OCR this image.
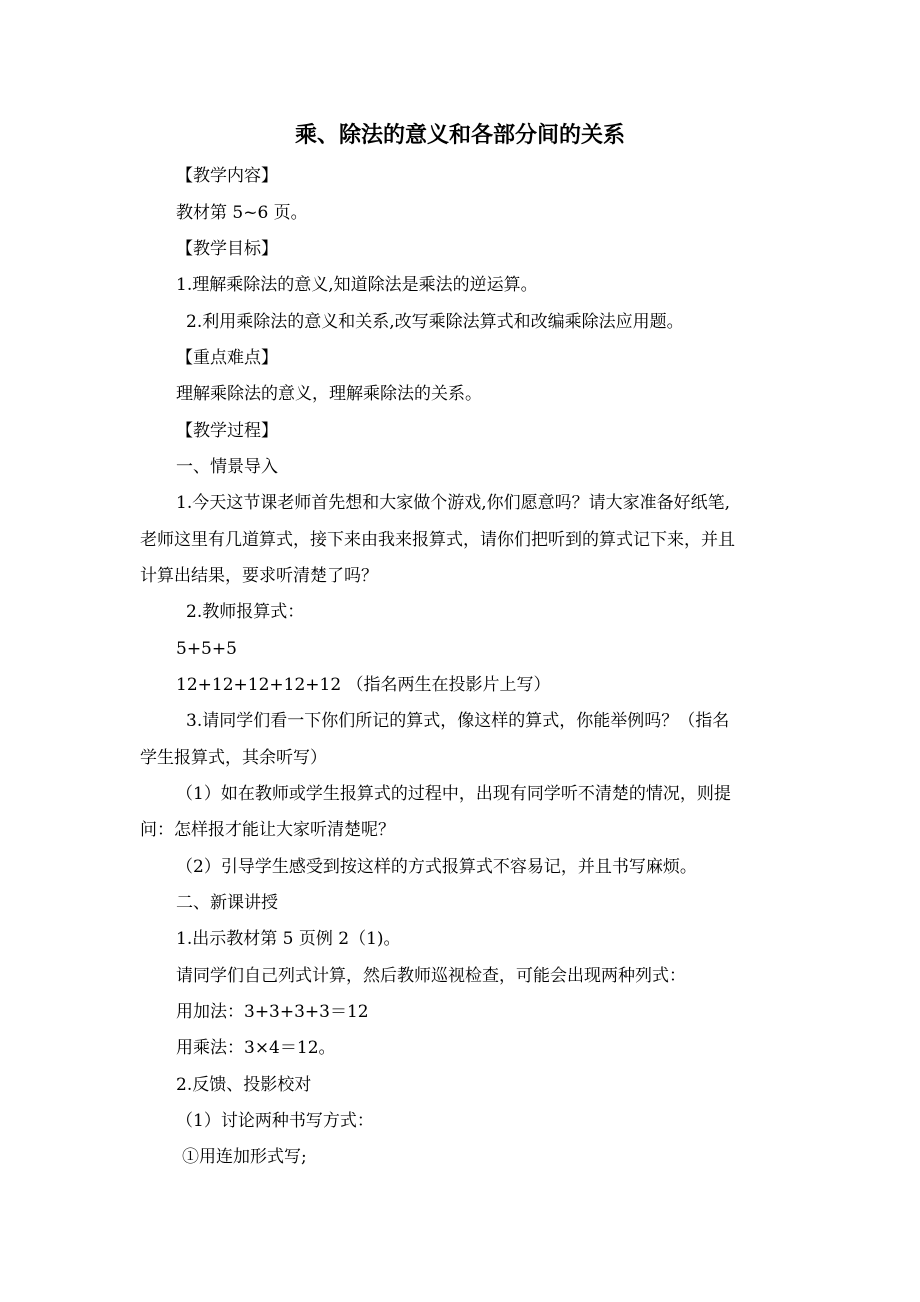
乘、除法的意义和各部分间的关系
【教学内容】
教材第 5~6 页。
【教学目标】
1.理解乘除法的意义,知道除法是乘法的逆运算。
2.利用乘除法的意义和关系,改写乘除法算式和改编乘除法应用题。
【重点难点】
理解乘除法的意义，理解乘除法的关系。
【教学过程】
一、情景导入
1.今天这节课老师首先想和大家做个游戏,你们愿意吗？请大家准备好纸笔,
老师这里有几道算式，接下来由我来报算式，请你们把听到的算式记下来，并且
计算出结果，要求听清楚了吗？
2.教师报算式：
5+5+5
12+12+12+12+12 （指名两生在投影片上写）
3.请同学们看一下你们所记的算式，像这样的算式，你能举例吗？（指名
学生报算式，其余听写）
（1）如在教师或学生报算式的过程中，出现有同学听不清楚的情况，则提
问：怎样报才能让大家听清楚呢？
（2）引导学生感受到按这样的方式报算式不容易记，并且书写麻烦。
二、新课讲授
1.出示教材第 5 页例 2（1)。
请同学们自己列式计算，然后教师巡视检查，可能会出现两种列式：
用加法：3+3+3+3＝12
用乘法：3×4＝12。
2.反馈、投影校对
（1）讨论两种书写方式：
①用连加形式写;
